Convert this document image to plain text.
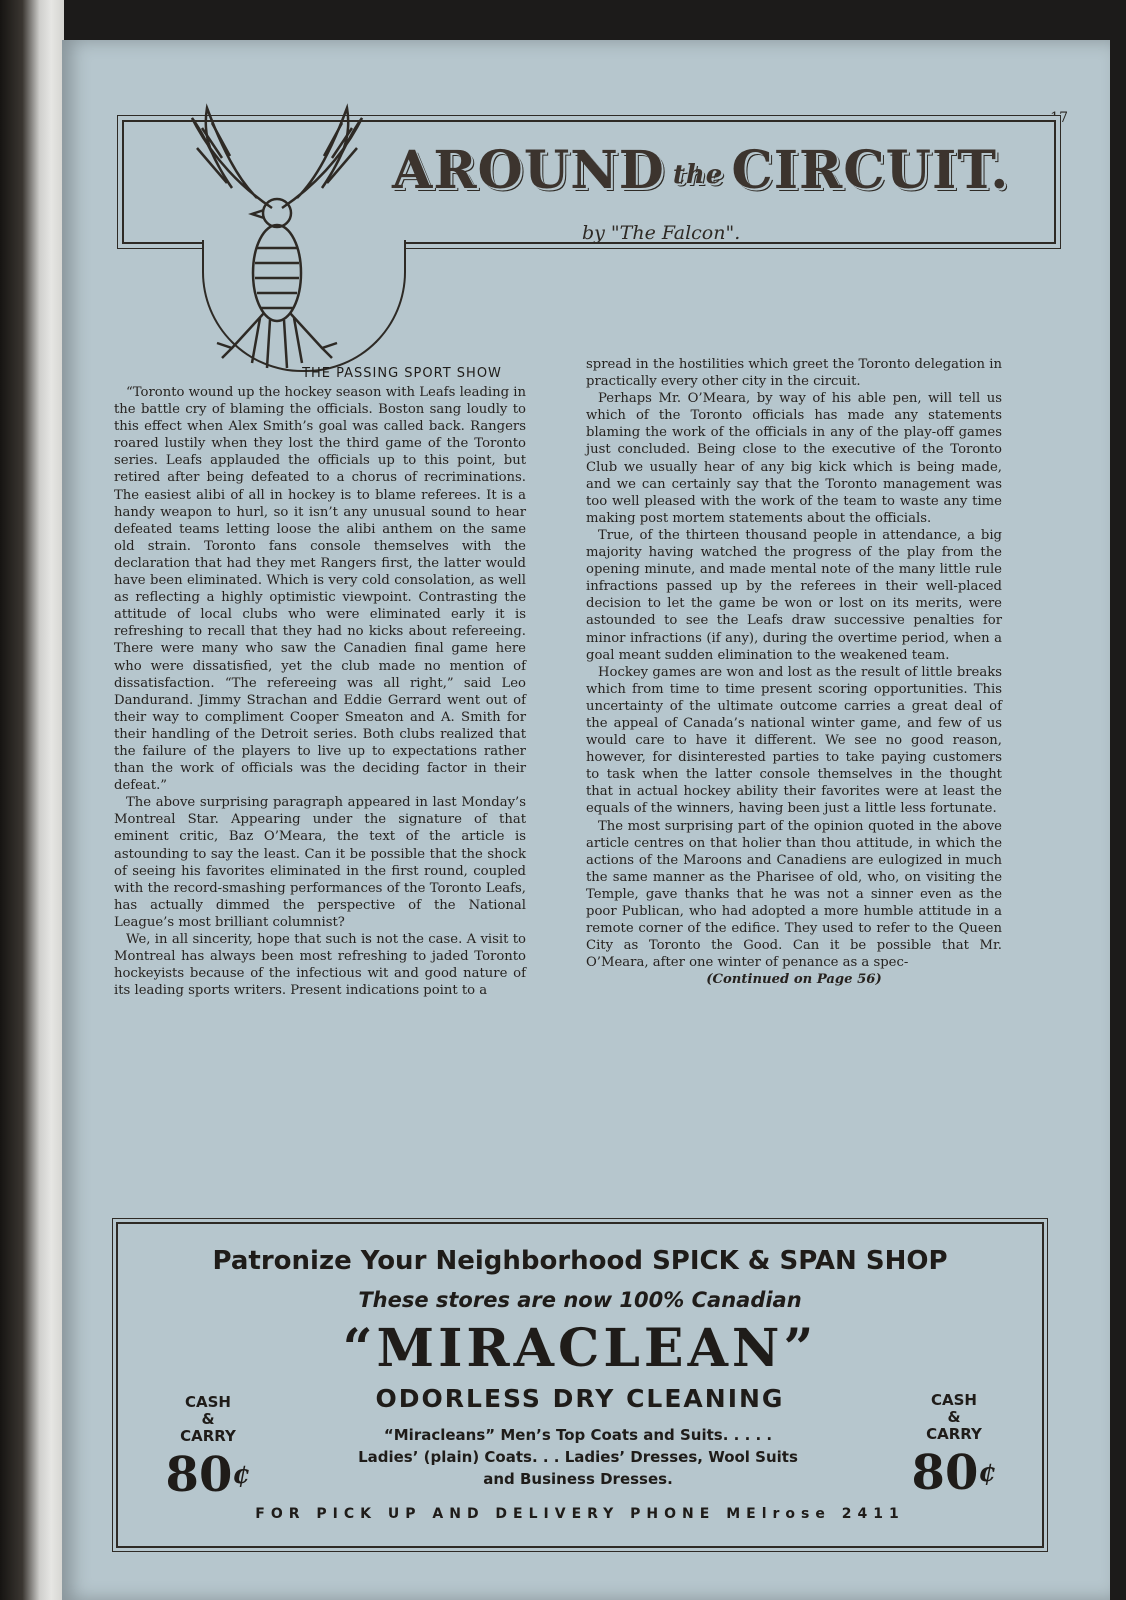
17
AROUND the CIRCUIT.
by "The Falcon".
THE PASSING SPORT SHOW

“Toronto wound up the hockey season with Leafs leading in the battle cry of blaming the officials. Boston sang loudly to this effect when Alex Smith’s goal was called back. Rangers roared lustily when they lost the third game of the Toronto series. Leafs applauded the officials up to this point, but retired after being defeated to a chorus of recriminations. The easiest alibi of all in hockey is to blame referees. It is a handy weapon to hurl, so it isn’t any unusual sound to hear defeated teams letting loose the alibi anthem on the same old strain. Toronto fans console themselves with the declaration that had they met Rangers first, the latter would have been eliminated. Which is very cold consolation, as well as reflecting a highly optimistic viewpoint. Contrasting the attitude of local clubs who were eliminated early it is refreshing to recall that they had no kicks about refereeing. There were many who saw the Canadien final game here who were dissatisfied, yet the club made no mention of dissatisfaction. “The refereeing was all right,” said Leo Dandurand. Jimmy Strachan and Eddie Gerrard went out of their way to compliment Cooper Smeaton and A. Smith for their handling of the Detroit series. Both clubs realized that the failure of the players to live up to expectations rather than the work of officials was the deciding factor in their defeat.”

The above surprising paragraph appeared in last Monday’s Montreal Star. Appearing under the signature of that eminent critic, Baz O’Meara, the text of the article is astounding to say the least. Can it be possible that the shock of seeing his favorites eliminated in the first round, coupled with the record-smashing performances of the Toronto Leafs, has actually dimmed the perspective of the National League’s most brilliant columnist?

We, in all sincerity, hope that such is not the case. A visit to Montreal has always been most refreshing to jaded Toronto hockeyists because of the infectious wit and good nature of its leading sports writers. Present indications point to a

spread in the hostilities which greet the Toronto delegation in practically every other city in the circuit.

Perhaps Mr. O’Meara, by way of his able pen, will tell us which of the Toronto officials has made any statements blaming the work of the officials in any of the play-off games just concluded. Being close to the executive of the Toronto Club we usually hear of any big kick which is being made, and we can certainly say that the Toronto management was too well pleased with the work of the team to waste any time making post mortem statements about the officials.

True, of the thirteen thousand people in attendance, a big majority having watched the progress of the play from the opening minute, and made mental note of the many little rule infractions passed up by the referees in their well-placed decision to let the game be won or lost on its merits, were astounded to see the Leafs draw successive penalties for minor infractions (if any), during the overtime period, when a goal meant sudden elimination to the weakened team.

Hockey games are won and lost as the result of little breaks which from time to time present scoring opportunities. This uncertainty of the ultimate outcome carries a great deal of the appeal of Canada’s national winter game, and few of us would care to have it different. We see no good reason, however, for disinterested parties to take paying customers to task when the latter console themselves in the thought that in actual hockey ability their favorites were at least the equals of the winners, having been just a little less fortunate.

The most surprising part of the opinion quoted in the above article centres on that holier than thou attitude, in which the actions of the Maroons and Canadiens are eulogized in much the same manner as the Pharisee of old, who, on visiting the Temple, gave thanks that he was not a sinner even as the poor Publican, who had adopted a more humble attitude in a remote corner of the edifice. They used to refer to the Queen City as Toronto the Good. Can it be possible that Mr. O’Meara, after one winter of penance as a spec-

(Continued on Page 56)

Patronize Your Neighborhood SPICK & SPAN SHOP
These stores are now 100% Canadian
“MIRACLEAN”
ODORLESS DRY CLEANING
“Miracleans” Men’s Top Coats and Suits. . . . .
Ladies’ (plain) Coats. . . Ladies’ Dresses, Wool Suits
and Business Dresses.
CASH
&
CARRY
80¢
CASH
&
CARRY
80¢
FOR PICK UP AND DELIVERY PHONE MElrose 2411
